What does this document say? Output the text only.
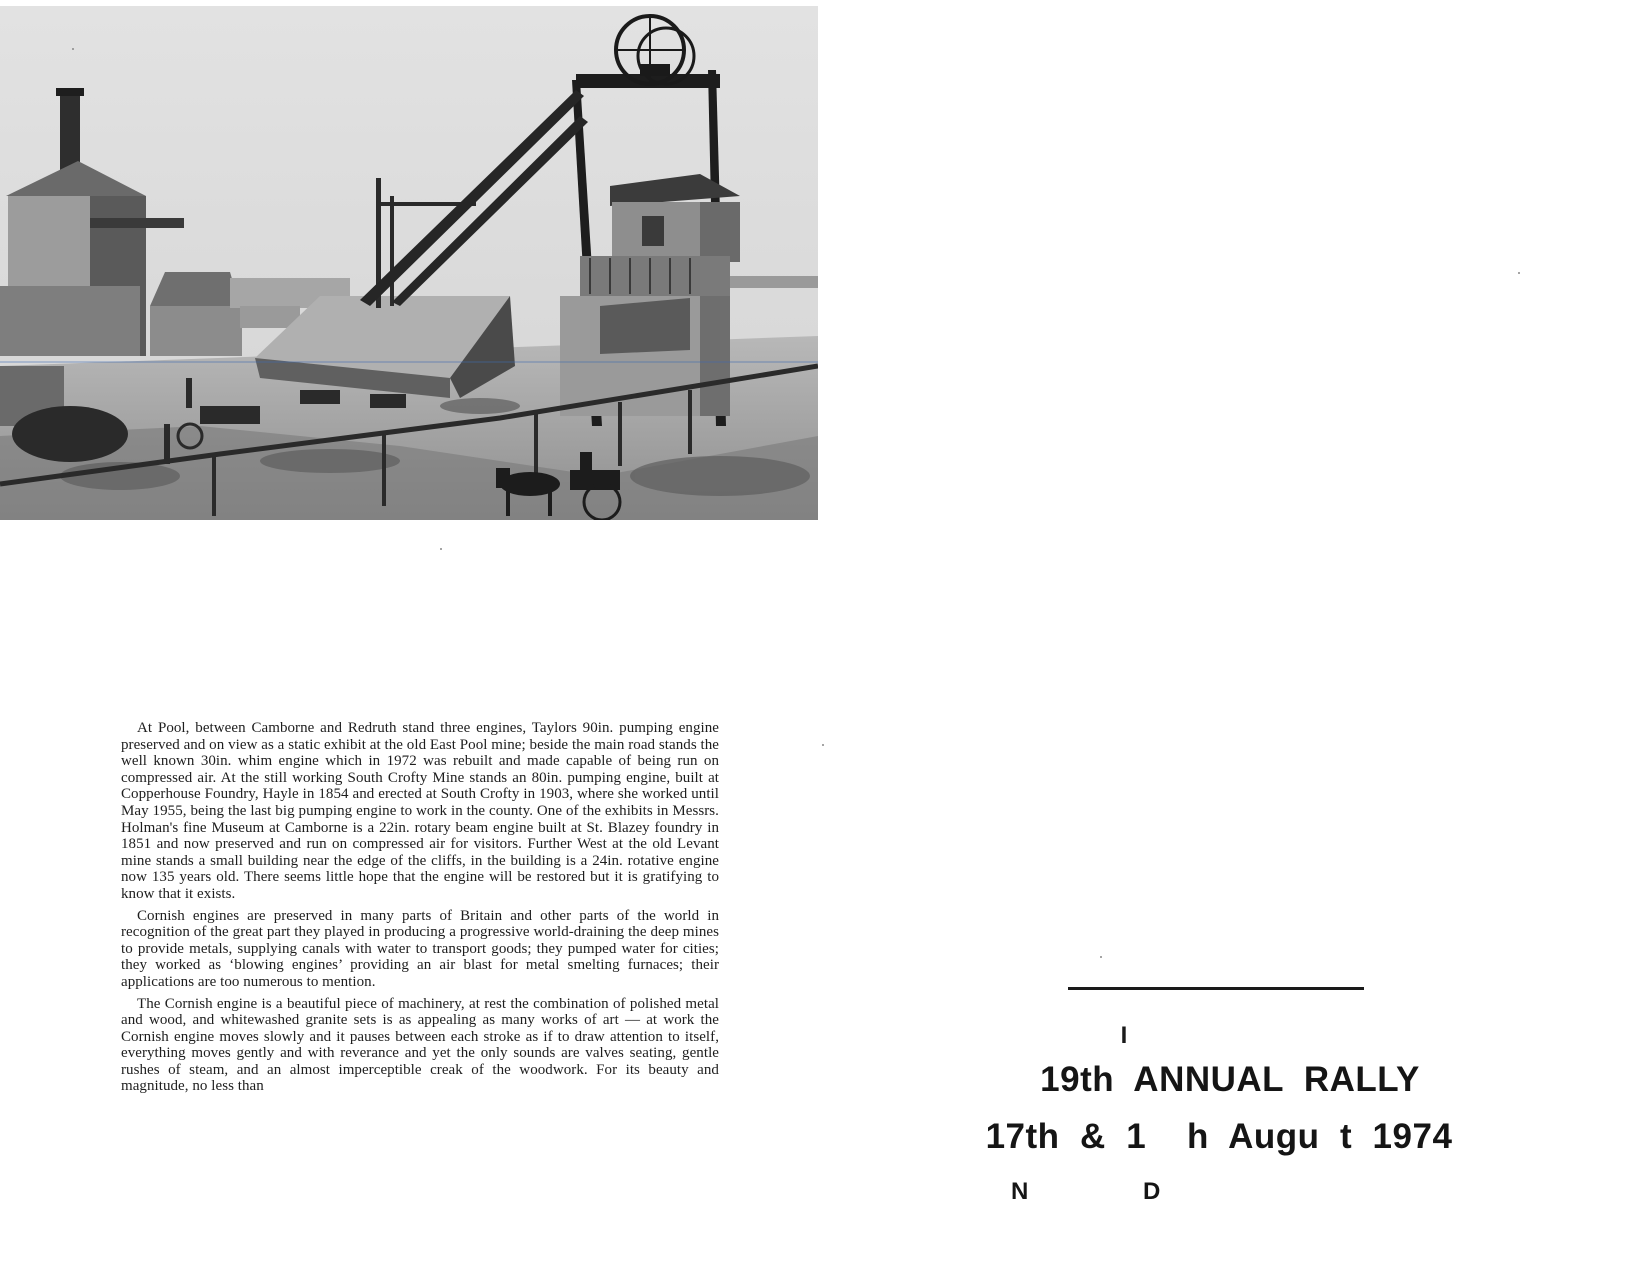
At Pool, between Camborne and Redruth stand three engines, Taylors 90in. pumping engine preserved and on view as a static exhibit at the old East Pool mine; beside the main road stands the well known 30in. whim engine which in 1972 was rebuilt and made capable of being run on compressed air. At the still working South Crofty Mine stands an 80in. pumping engine, built at Copperhouse Foundry, Hayle in 1854 and erected at South Crofty in 1903, where she worked until May 1955, being the last big pumping engine to work in the county. One of the exhibits in Messrs. Holman's fine Museum at Camborne is a 22in. rotary beam engine built at St. Blazey foundry in 1851 and now preserved and run on compressed air for visitors. Further West at the old Levant mine stands a small building near the edge of the cliffs, in the building is a 24in. rotative engine now 135 years old. There seems little hope that the engine will be restored but it is gratifying to know that it exists.

Cornish engines are preserved in many parts of Britain and other parts of the world in recognition of the great part they played in producing a progressive world-draining the deep mines to provide metals, supplying canals with water to transport goods; they pumped water for cities; they worked as ‘blowing engines’ providing an air blast for metal smelting furnaces; their applications are too numerous to mention.

The Cornish engine is a beautiful piece of machinery, at rest the combination of polished metal and wood, and whitewashed granite sets is as appealing as many works of art — at work the Cornish engine moves slowly and it pauses between each stroke as if to draw attention to itself, everything moves gently and with reverance and yet the only sounds are valves seating, gentle rushes of steam, and an almost imperceptible creak of the woodwork. For its beauty and magnitude, no less than

I
19th  ANNUAL  RALLY
17th  &  1    h  Augu  t  1974
N	D
